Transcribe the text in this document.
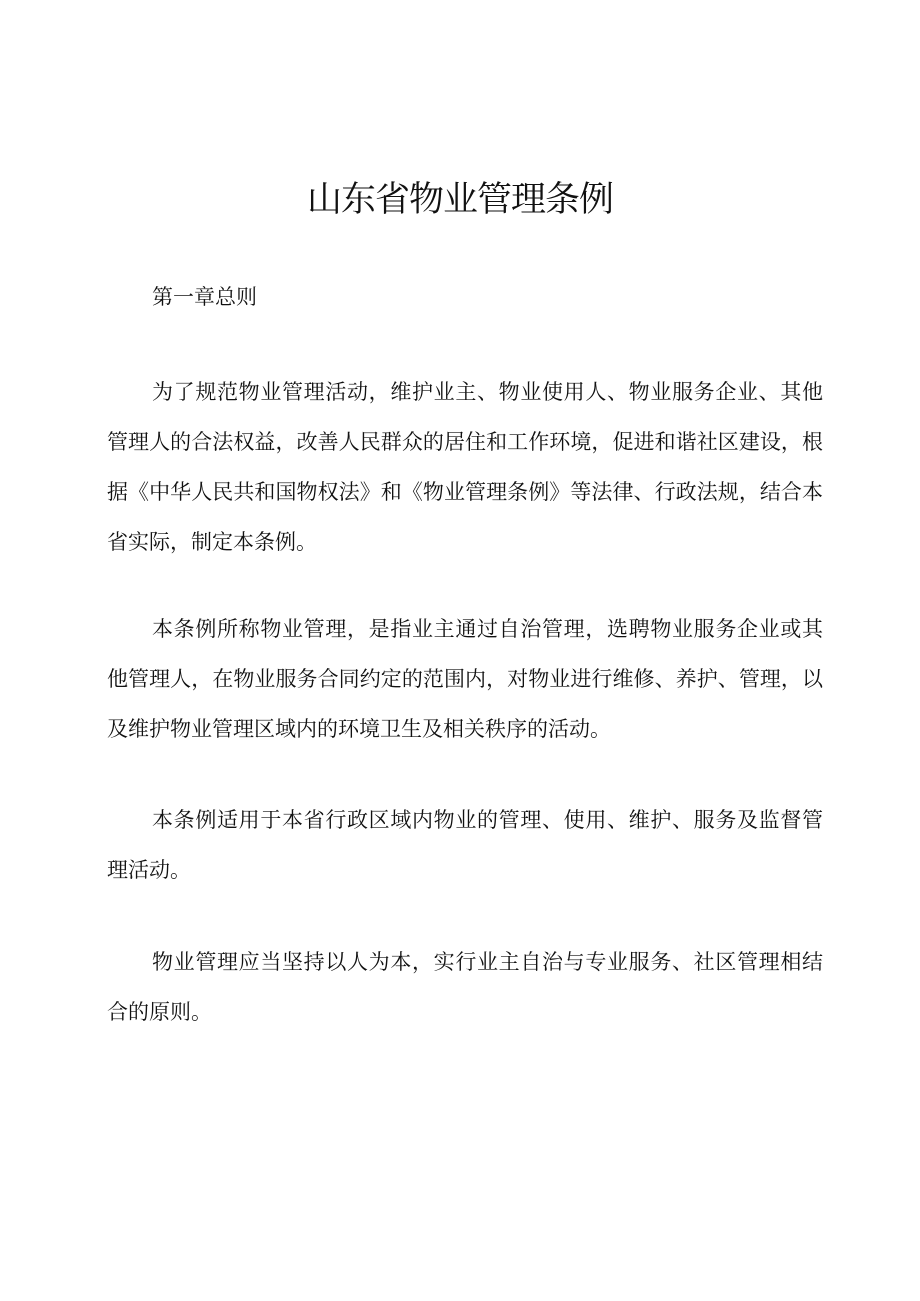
山东省物业管理条例

第一章总则

为了规范物业管理活动，维护业主、物业使用人、物业服务企业、其他管理人的合法权益，改善人民群众的居住和工作环境，促进和谐社区建设，根据《中华人民共和国物权法》和《物业管理条例》等法律、行政法规，结合本省实际，制定本条例。

本条例所称物业管理，是指业主通过自治管理，选聘物业服务企业或其他管理人，在物业服务合同约定的范围内，对物业进行维修、养护、管理，以及维护物业管理区域内的环境卫生及相关秩序的活动。

本条例适用于本省行政区域内物业的管理、使用、维护、服务及监督管理活动。

物业管理应当坚持以人为本，实行业主自治与专业服务、社区管理相结合的原则。
